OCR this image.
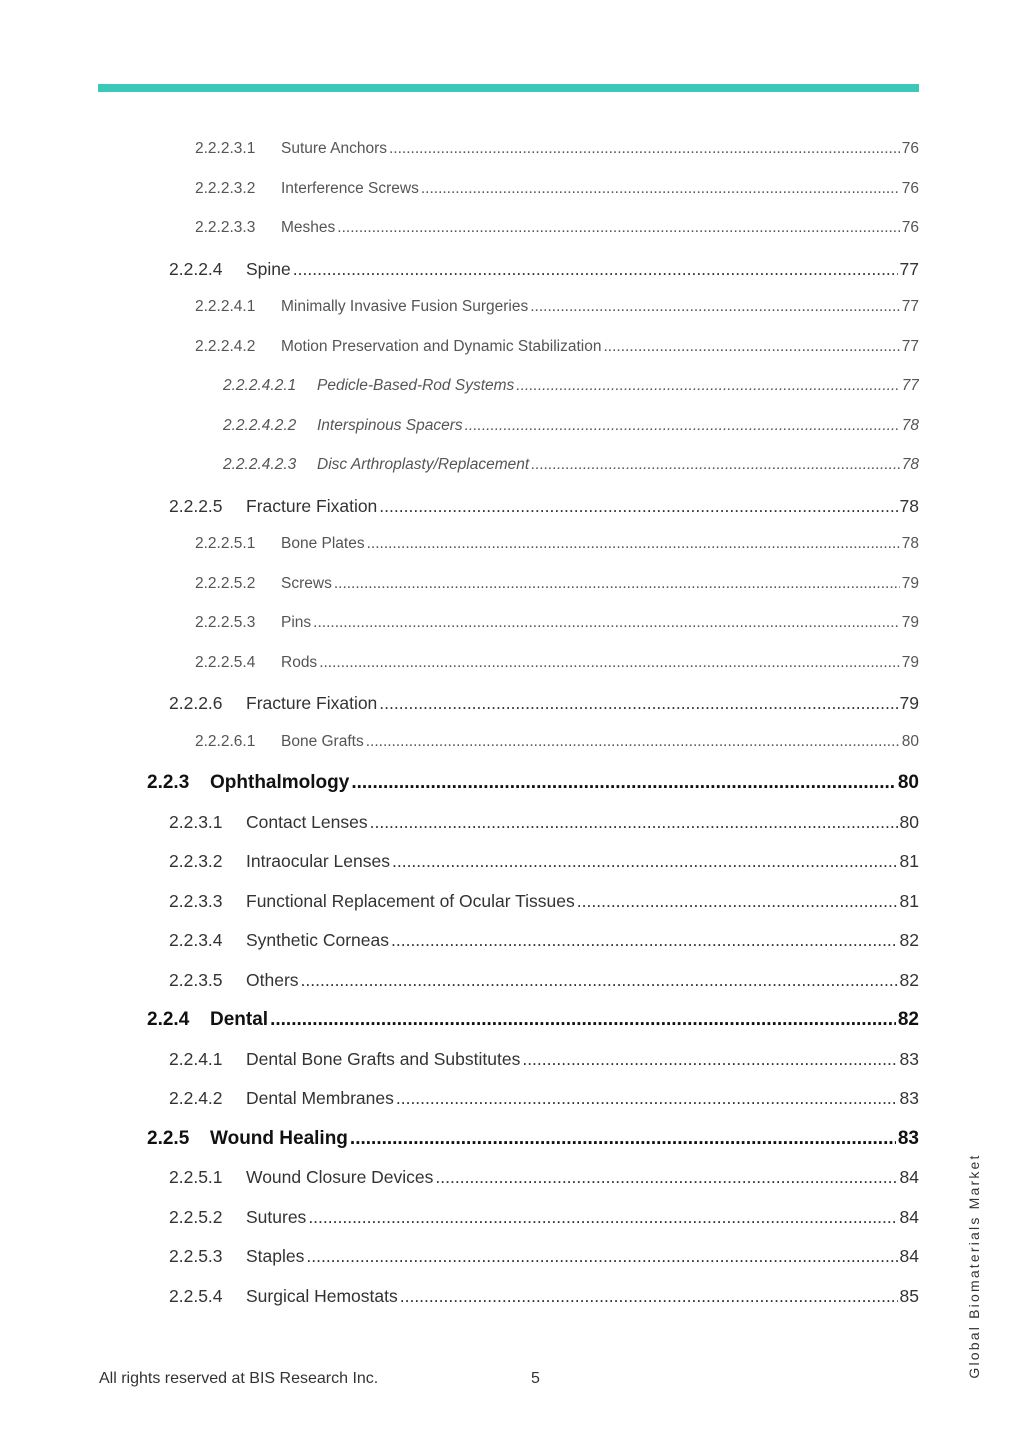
2.2.2.3.1	Suture Anchors .....	76
2.2.2.3.2	Interference Screws .....	76
2.2.2.3.3	Meshes .....	76
2.2.2.4	Spine .....	77
2.2.2.4.1	Minimally Invasive Fusion Surgeries .....	77
2.2.2.4.2	Motion Preservation and Dynamic Stabilization .....	77
2.2.2.4.2.1	Pedicle-Based-Rod Systems .....	77
2.2.2.4.2.2	Interspinous Spacers .....	78
2.2.2.4.2.3	Disc Arthroplasty/Replacement .....	78
2.2.2.5	Fracture Fixation .....	78
2.2.2.5.1	Bone Plates .....	78
2.2.2.5.2	Screws .....	79
2.2.2.5.3	Pins .....	79
2.2.2.5.4	Rods .....	79
2.2.2.6	Fracture Fixation .....	79
2.2.2.6.1	Bone Grafts .....	80
2.2.3	Ophthalmology .....	80
2.2.3.1	Contact Lenses .....	80
2.2.3.2	Intraocular Lenses .....	81
2.2.3.3	Functional Replacement of Ocular Tissues .....	81
2.2.3.4	Synthetic Corneas .....	82
2.2.3.5	Others .....	82
2.2.4	Dental .....	82
2.2.4.1	Dental Bone Grafts and Substitutes .....	83
2.2.4.2	Dental Membranes .....	83
2.2.5	Wound Healing .....	83
2.2.5.1	Wound Closure Devices .....	84
2.2.5.2	Sutures .....	84
2.2.5.3	Staples .....	84
2.2.5.4	Surgical Hemostats .....	85	Global Biomaterials Market
All rights reserved at BIS Research Inc.	5
